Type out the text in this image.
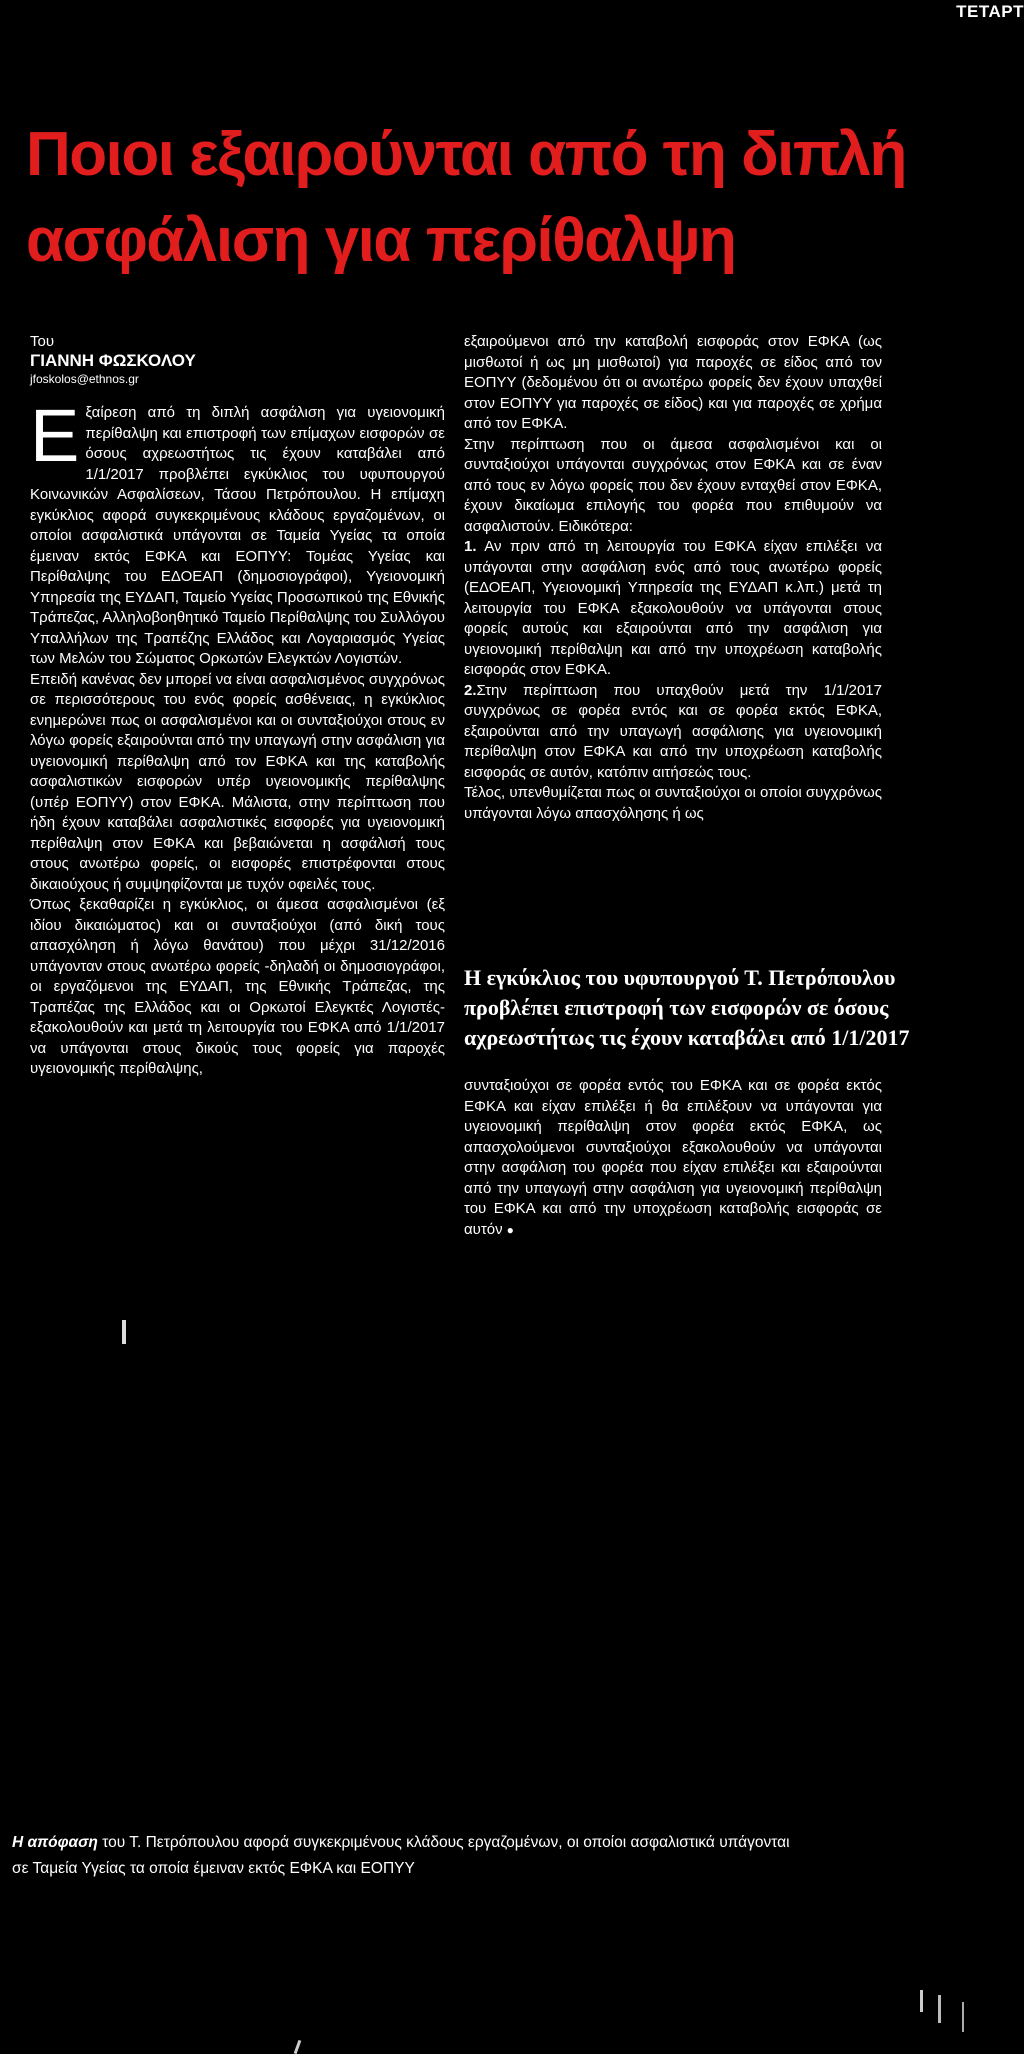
ΤΕΤΑΡΤ
Ποιοι εξαιρούνται από τη διπλή
ασφάλιση για περίθαλψη
Του
ΓΙΑΝΝΗ ΦΩΣΚΟΛΟΥ
jfoskolos@ethnos.gr

Εξαίρεση από τη διπλή ασφάλιση για υγειονομική περίθαλψη και επιστροφή των επίμαχων εισφορών σε όσους αχρεωστήτως τις έχουν καταβάλει από 1/1/2017 προβλέπει εγκύκλιος του υφυπουργού Κοινωνικών Ασφαλίσεων, Τάσου Πετρόπουλου. Η επίμαχη εγκύκλιος αφορά συγκεκριμένους κλάδους εργαζομένων, οι οποίοι ασφαλιστικά υπάγονται σε Ταμεία Υγείας τα οποία έμειναν εκτός ΕΦΚΑ και ΕΟΠΥΥ: Τομέας Υγείας και Περίθαλψης του ΕΔΟΕΑΠ (δημοσιογράφοι), Υγειονομική Υπηρεσία της ΕΥΔΑΠ, Ταμείο Υγείας Προσωπικού της Εθνικής Τράπεζας, Αλληλοβοηθητικό Ταμείο Περίθαλψης του Συλλόγου Υπαλλήλων της Τραπέζης Ελλάδος και Λογαριασμός Υγείας των Μελών του Σώματος Ορκωτών Ελεγκτών Λογιστών.

Επειδή κανένας δεν μπορεί να είναι ασφαλισμένος συγχρόνως σε περισσότερους του ενός φορείς ασθένειας, η εγκύκλιος ενημερώνει πως οι ασφαλισμένοι και οι συνταξιούχοι στους εν λόγω φορείς εξαιρούνται από την υπαγωγή στην ασφάλιση για υγειονομική περίθαλψη από τον ΕΦΚΑ και της καταβολής ασφαλιστικών εισφορών υπέρ υγειονομικής περίθαλψης (υπέρ ΕΟΠΥΥ) στον ΕΦΚΑ. Μάλιστα, στην περίπτωση που ήδη έχουν καταβάλει ασφαλιστικές εισφορές για υγειονομική περίθαλψη στον ΕΦΚΑ και βεβαιώνεται η ασφάλισή τους στους ανωτέρω φορείς, οι εισφορές επιστρέφονται στους δικαιούχους ή συμψηφίζονται με τυχόν οφειλές τους.

Όπως ξεκαθαρίζει η εγκύκλιος, οι άμεσα ασφαλισμένοι (εξ ιδίου δικαιώματος) και οι συνταξιούχοι (από δική τους απασχόληση ή λόγω θανάτου) που μέχρι 31/12/2016 υπάγονταν στους ανωτέρω φορείς -δηλαδή οι δημοσιογράφοι, οι εργαζόμενοι της ΕΥΔΑΠ, της Εθνικής Τράπεζας, της Τραπέζας της Ελλάδος και οι Ορκωτοί Ελεγκτές Λογιστές- εξακολουθούν και μετά τη λειτουργία του ΕΦΚΑ από 1/1/2017 να υπάγονται στους δικούς τους φορείς για παροχές υγειονομικής περίθαλψης,

εξαιρούμενοι από την καταβολή εισφοράς στον ΕΦΚΑ (ως μισθωτοί ή ως μη μισθωτοί) για παροχές σε είδος από τον ΕΟΠΥΥ (δεδομένου ότι οι ανωτέρω φορείς δεν έχουν υπαχθεί στον ΕΟΠΥΥ για παροχές σε είδος) και για παροχές σε χρήμα από τον ΕΦΚΑ.

Στην περίπτωση που οι άμεσα ασφαλισμένοι και οι συνταξιούχοι υπάγονται συγχρόνως στον ΕΦΚΑ και σε έναν από τους εν λόγω φορείς που δεν έχουν ενταχθεί στον ΕΦΚΑ, έχουν δικαίωμα επιλογής του φορέα που επιθυμούν να ασφαλιστούν. Ειδικότερα:

1. Αν πριν από τη λειτουργία του ΕΦΚΑ είχαν επιλέξει να υπάγονται στην ασφάλιση ενός από τους ανωτέρω φορείς (ΕΔΟΕΑΠ, Υγειονομική Υπηρεσία της ΕΥΔΑΠ κ.λπ.) μετά τη λειτουργία του ΕΦΚΑ εξακολουθούν να υπάγονται στους φορείς αυτούς και εξαιρούνται από την ασφάλιση για υγειονομική περίθαλψη και από την υποχρέωση καταβολής εισφοράς στον ΕΦΚΑ.

2.Στην περίπτωση που υπαχθούν μετά την 1/1/2017 συγχρόνως σε φορέα εντός και σε φορέα εκτός ΕΦΚΑ, εξαιρούνται από την υπαγωγή ασφάλισης για υγειονομική περίθαλψη στον ΕΦΚΑ και από την υποχρέωση καταβολής εισφοράς σε αυτόν, κατόπιν αιτήσεώς τους.

Τέλος, υπενθυμίζεται πως οι συνταξιούχοι οι οποίοι συγχρόνως υπάγονται λόγω απασχόλησης ή ως

Η εγκύκλιος του υφυπουργού Τ. Πετρόπουλου
προβλέπει επιστροφή των εισφορών σε όσους
αχρεωστήτως τις έχουν καταβάλει από 1/1/2017

συνταξιούχοι σε φορέα εντός του ΕΦΚΑ και σε φορέα εκτός ΕΦΚΑ και είχαν επιλέξει ή θα επιλέξουν να υπάγονται για υγειονομική περίθαλψη στον φορέα εκτός ΕΦΚΑ, ως απασχολούμενοι συνταξιούχοι εξακολουθούν να υπάγονται στην ασφάλιση του φορέα που είχαν επιλέξει και εξαιρούνται από την υπαγωγή στην ασφάλιση για υγειονομική περίθαλψη του ΕΦΚΑ και από την υποχρέωση καταβολής εισφοράς σε αυτόν ●

Η απόφαση του Τ. Πετρόπουλου αφορά συγκεκριμένους κλάδους εργαζομένων, οι οποίοι ασφαλιστικά υπάγονται
σε Ταμεία Υγείας τα οποία έμειναν εκτός ΕΦΚΑ και ΕΟΠΥΥ
